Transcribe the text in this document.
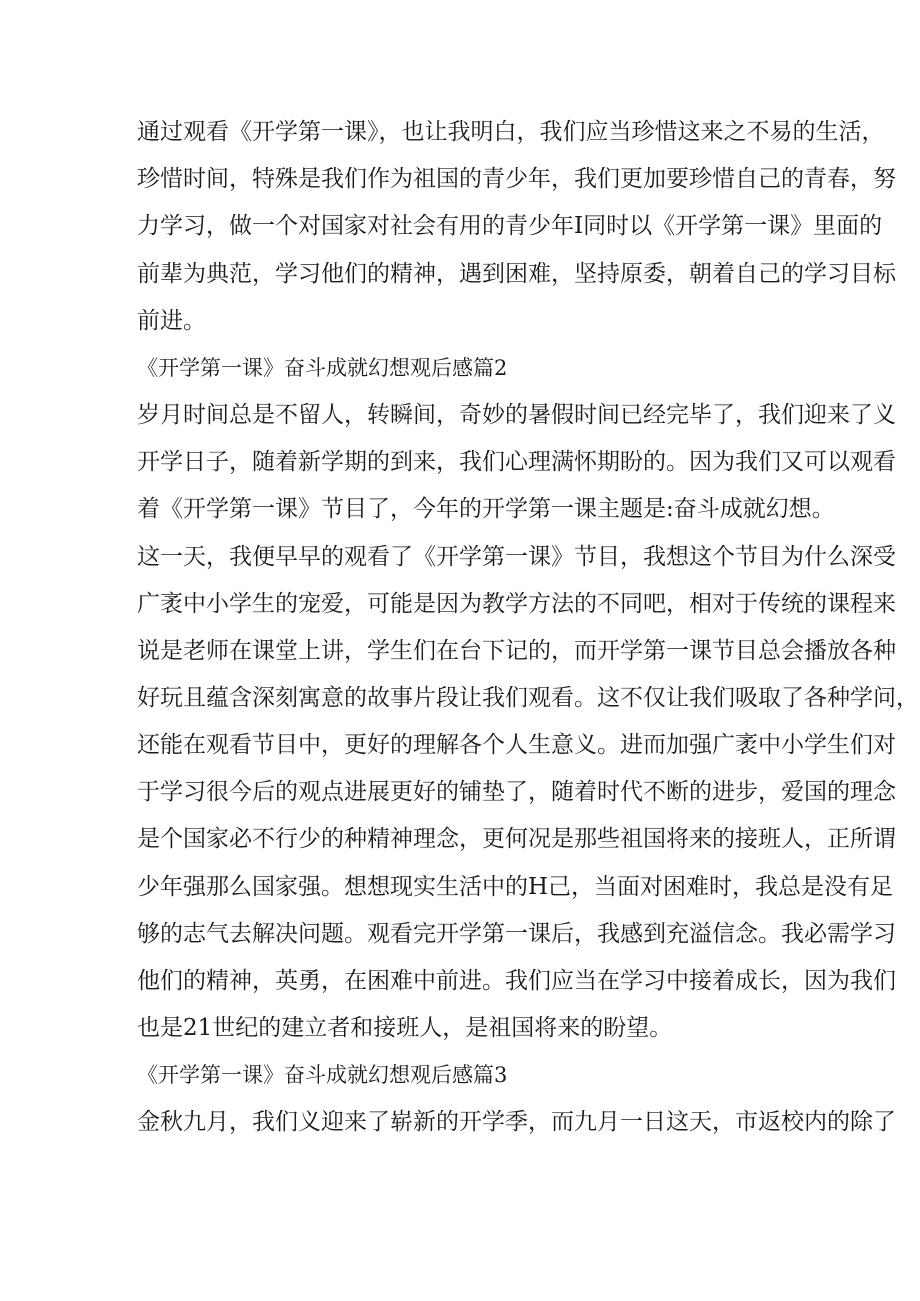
通过观看《开学第一课》，也让我明白，我们应当珍惜这来之不易的生活，
珍惜时间，特殊是我们作为祖国的青少年，我们更加要珍惜自己的青春，努
力学习，做一个对国家对社会有用的青少年I同时以《开学第一课》里面的
前辈为典范，学习他们的精神，遇到困难，坚持原委，朝着自己的学习目标
前进。
《开学第一课》奋斗成就幻想观后感篇2
岁月时间总是不留人，转瞬间，奇妙的暑假时间已经完毕了，我们迎来了义
开学日子，随着新学期的到来，我们心理满怀期盼的。因为我们又可以观看
着《开学第一课》节目了，今年的开学第一课主题是:奋斗成就幻想。
这一天，我便早早的观看了《开学第一课》节目，我想这个节目为什么深受
广袤中小学生的宠爱，可能是因为教学方法的不同吧，相对于传统的课程来
说是老师在课堂上讲，学生们在台下记的，而开学第一课节目总会播放各种
好玩且蕴含深刻寓意的故事片段让我们观看。这不仅让我们吸取了各种学问，
还能在观看节目中，更好的理解各个人生意义。进而加强广袤中小学生们对
于学习很今后的观点进展更好的铺垫了，随着时代不断的进步，爱国的理念
是个国家必不行少的种精神理念，更何况是那些祖国将来的接班人，正所谓
少年强那么国家强。想想现实生活中的H己，当面对困难时，我总是没有足
够的志气去解决问题。观看完开学第一课后，我感到充溢信念。我必需学习
他们的精神，英勇，在困难中前进。我们应当在学习中接着成长，因为我们
也是21世纪的建立者和接班人，是祖国将来的盼望。
《开学第一课》奋斗成就幻想观后感篇3
金秋九月，我们义迎来了崭新的开学季，而九月一日这天，市返校内的除了
